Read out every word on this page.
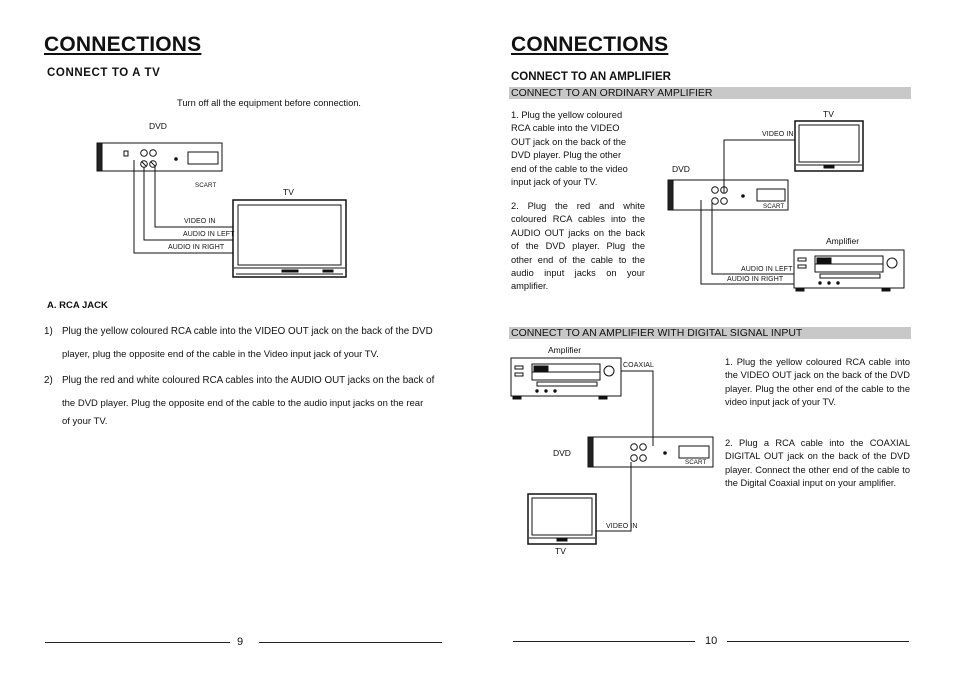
CONNECTIONS
CONNECT TO A TV
Turn off all the equipment before connection.
DVD
TV
SCART
VIDEO IN
AUDIO IN LEFT
AUDIO IN RIGHT
A. RCA JACK
1) Plug the yellow coloured RCA cable into the VIDEO OUT jack on the back of the DVD
player, plug the opposite end of the cable in the Video input jack of your TV.
2) Plug the red and white coloured RCA cables into the AUDIO OUT jacks on the back of
the DVD player. Plug the opposite end of the cable to the audio input jacks on the rear
of your TV.
9
CONNECTIONS
CONNECT TO AN AMPLIFIER
CONNECT TO AN ORDINARY AMPLIFIER
1. Plug the yellow coloured RCA cable into the VIDEO OUT jack on the back of the DVD player. Plug the other end of the cable to the video input jack of your TV.
2. Plug the red and white coloured RCA cables into the AUDIO OUT jacks on the back of the DVD player. Plug the other end of the cable to the audio input jacks on your amplifier.
TV
DVD
Amplifier
VIDEO IN
AUDIO IN LEFT
AUDIO IN RIGHT
SCART
CONNECT TO AN AMPLIFIER WITH DIGITAL SIGNAL INPUT
Amplifier
COAXIAL
DVD
SCART
VIDEO IN
TV
1. Plug the yellow coloured RCA cable into the VIDEO OUT jack on the back of the DVD player. Plug the other end of the cable to the video input jack of your TV.
2. Plug a RCA cable into the COAXIAL DIGITAL OUT jack on the back of the DVD player. Connect the other end of the cable to the Digital Coaxial input on your amplifier.
10
